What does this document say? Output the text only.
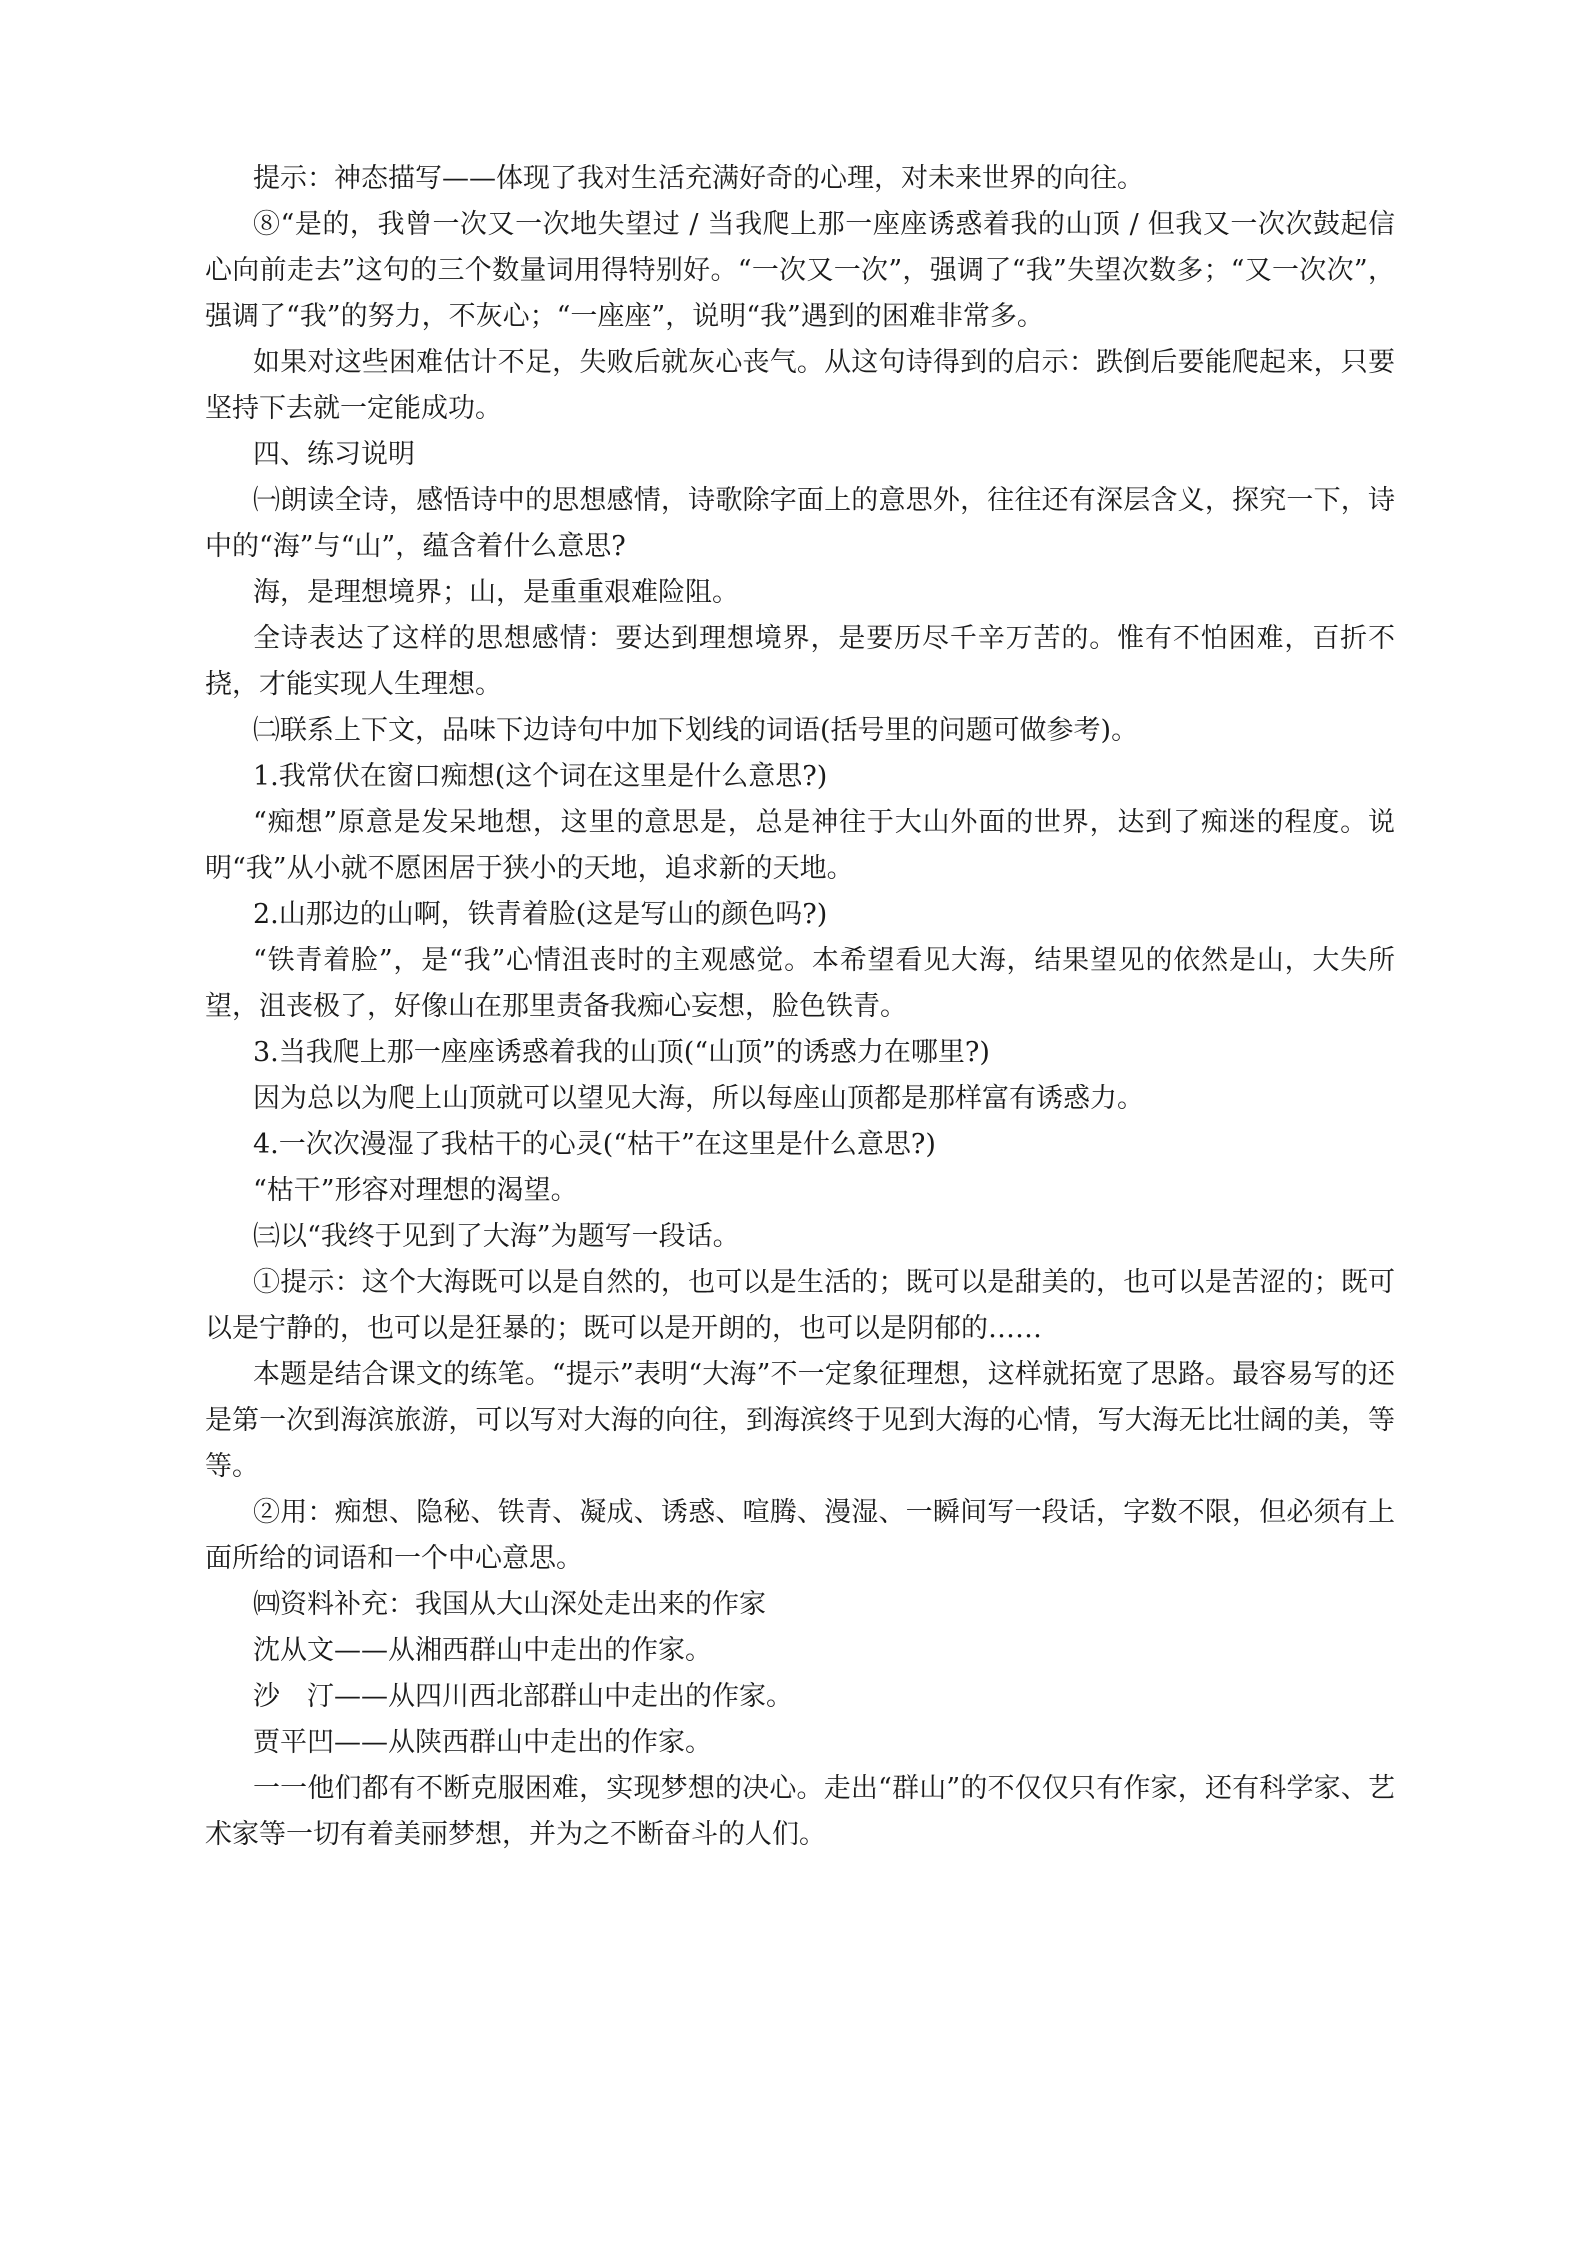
提示：神态描写——体现了我对生活充满好奇的心理，对未来世界的向往。

⑧“是的，我曾一次又一次地失望过 / 当我爬上那一座座诱惑着我的山顶 / 但我又一次次鼓起信心向前走去”这句的三个数量词用得特别好。“一次又一次”，强调了“我”失望次数多；“又一次次”，强调了“我”的努力，不灰心；“一座座”，说明“我”遇到的困难非常多。

如果对这些困难估计不足，失败后就灰心丧气。从这句诗得到的启示：跌倒后要能爬起来，只要坚持下去就一定能成功。

四、练习说明

㈠朗读全诗，感悟诗中的思想感情，诗歌除字面上的意思外，往往还有深层含义，探究一下，诗中的“海”与“山”，蕴含着什么意思?

海，是理想境界；山，是重重艰难险阻。

全诗表达了这样的思想感情：要达到理想境界，是要历尽千辛万苦的。惟有不怕困难，百折不挠，才能实现人生理想。

㈡联系上下文，品味下边诗句中加下划线的词语(括号里的问题可做参考)。

1.我常伏在窗口痴想(这个词在这里是什么意思?)

“痴想”原意是发呆地想，这里的意思是，总是神往于大山外面的世界，达到了痴迷的程度。说明“我”从小就不愿困居于狭小的天地，追求新的天地。

2.山那边的山啊，铁青着脸(这是写山的颜色吗?)

“铁青着脸”，是“我”心情沮丧时的主观感觉。本希望看见大海，结果望见的依然是山，大失所望，沮丧极了，好像山在那里责备我痴心妄想，脸色铁青。

3.当我爬上那一座座诱惑着我的山顶(“山顶”的诱惑力在哪里?)

因为总以为爬上山顶就可以望见大海，所以每座山顶都是那样富有诱惑力。

4.一次次漫湿了我枯干的心灵(“枯干”在这里是什么意思?)

“枯干”形容对理想的渴望。

㈢以“我终于见到了大海”为题写一段话。

①提示：这个大海既可以是自然的，也可以是生活的；既可以是甜美的，也可以是苦涩的；既可以是宁静的，也可以是狂暴的；既可以是开朗的，也可以是阴郁的……

本题是结合课文的练笔。“提示”表明“大海”不一定象征理想，这样就拓宽了思路。最容易写的还是第一次到海滨旅游，可以写对大海的向往，到海滨终于见到大海的心情，写大海无比壮阔的美，等等。

②用：痴想、隐秘、铁青、凝成、诱惑、喧腾、漫湿、一瞬间写一段话，字数不限，但必须有上面所给的词语和一个中心意思。

㈣资料补充：我国从大山深处走出来的作家

沈从文——从湘西群山中走出的作家。

沙　汀——从四川西北部群山中走出的作家。

贾平凹——从陕西群山中走出的作家。

一一他们都有不断克服困难，实现梦想的决心。走出“群山”的不仅仅只有作家，还有科学家、艺术家等一切有着美丽梦想，并为之不断奋斗的人们。
